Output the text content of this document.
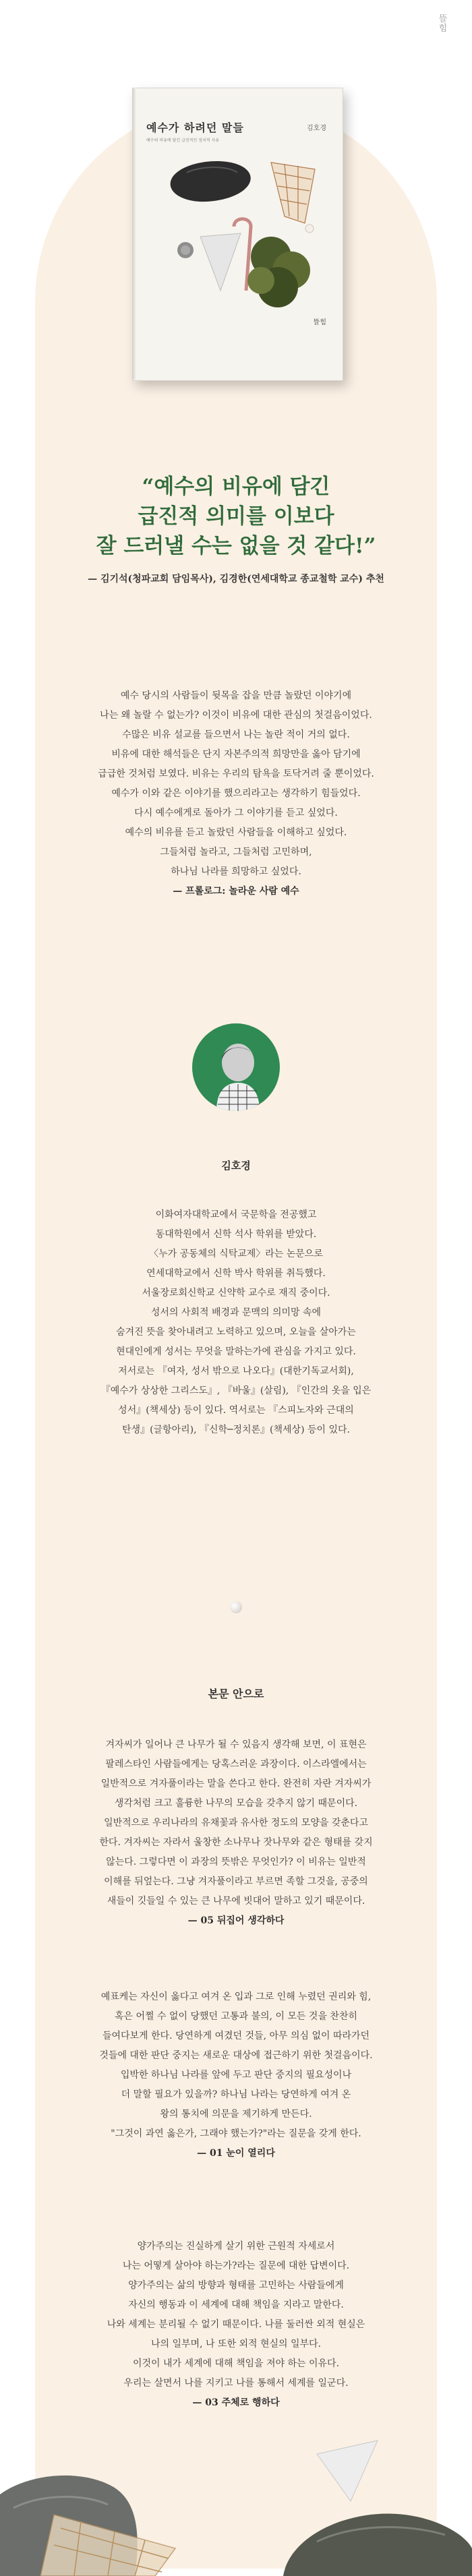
뜰
힘
예수가 하려던 말들	김호경
예수의 비유에 담긴 급진적인 정치적 사유
뜰힘
“예수의 비유에 담긴
급진적 의미를 이보다
잘 드러낼 수는 없을 것 같다!”
— 김기석(청파교회 담임목사), 김경한(연세대학교 종교철학 교수) 추천
예수 당시의 사람들이 뒷목을 잡을 만큼 놀랐던 이야기에
나는 왜 놀랄 수 없는가? 이것이 비유에 대한 관심의 첫걸음이었다.
수많은 비유 설교를 들으면서 나는 놀란 적이 거의 없다.
비유에 대한 해석들은 단지 자본주의적 희망만을 옳아 담기에
급급한 것처럼 보였다. 비유는 우리의 탐욕을 토닥거려 줄 뿐이었다.
예수가 이와 같은 이야기를 했으리라고는 생각하기 힘들었다.
다시 예수에게로 돌아가 그 이야기를 듣고 싶었다.
예수의 비유를 듣고 놀랐던 사람들을 이해하고 싶었다.
그들처럼 놀라고, 그들처럼 고민하며,
하나님 나라를 희망하고 싶었다.
— 프롤로그: 놀라운 사람 예수
김호경
이화여자대학교에서 국문학을 전공했고
동대학원에서 신학 석사 학위를 받았다.
〈누가 공동체의 식탁교제〉라는 논문으로
연세대학교에서 신학 박사 학위를 취득했다.
서울장로회신학교 신약학 교수로 재직 중이다.
성서의 사회적 배경과 문맥의 의미망 속에
숨겨진 뜻을 찾아내려고 노력하고 있으며, 오늘을 살아가는
현대인에게 성서는 무엇을 말하는가에 관심을 가지고 있다.
저서로는 『여자, 성서 밖으로 나오다』(대한기독교서회),
『예수가 상상한 그리스도』, 『바울』(살림), 『인간의 옷을 입은
성서』(책세상) 등이 있다. 역서로는 『스피노자와 근대의
탄생』(글항아리), 『신학─정치론』(책세상) 등이 있다.
본문 안으로
겨자씨가 일어나 큰 나무가 될 수 있음지 생각해 보면, 이 표현은
팔레스타인 사람들에게는 당혹스러운 과장이다. 이스라엘에서는
일반적으로 겨자풀이라는 말을 쓴다고 한다. 완전히 자란 겨자씨가
생각처럼 크고 훌륭한 나무의 모습을 갖추지 않기 때문이다.
일반적으로 우리나라의 유채꽃과 유사한 정도의 모양을 갖춘다고
한다. 겨자씨는 자라서 울창한 소나무나 잣나무와 같은 형태를 갖지
않는다. 그렇다면 이 과장의 뜻밖은 무엇인가? 이 비유는 일반적
이해를 뒤엎는다. 그냥 겨자풀이라고 부르면 족할 그것을, 공중의
새들이 깃들일 수 있는 큰 나무에 빗대어 말하고 있기 때문이다.
— 05 뒤집어 생각하다
예표케는 자신이 옳다고 여겨 온 입과 그로 인해 누렸던 권리와 힘,
혹은 어쩔 수 없이 당했던 고통과 불의, 이 모든 것을 찬찬히
들여다보게 한다. 당연하게 여겼던 것들, 아무 의심 없이 따라가던
것들에 대한 판단 중지는 새로운 대상에 접근하기 위한 첫걸음이다.
입박한 하나님 나라를 앞에 두고 판단 중지의 필요성이나
더 말할 필요가 있을까? 하나님 나라는 당연하게 여겨 온
왕의 통치에 의문을 제기하게 만든다.
"그것이 과연 옳은가, 그래야 했는가?"라는 질문을 갖게 한다.
— 01 눈이 열리다
양가주의는 진실하게 살기 위한 근원적 자세로서
나는 어떻게 살아야 하는가?라는 질문에 대한 답변이다.
양가주의는 삶의 방향과 형태를 고민하는 사람들에게
자신의 행동과 이 세계에 대해 책임을 지라고 말한다.
나와 세계는 분리될 수 없기 때문이다. 나를 둘러싼 외적 현실은
나의 일부며, 나 또한 외적 현실의 일부다.
이것이 내가 세계에 대해 책임을 져야 하는 이유다.
우리는 살면서 나를 지키고 나를 통해서 세계를 일군다.
— 03 주체로 행하다
